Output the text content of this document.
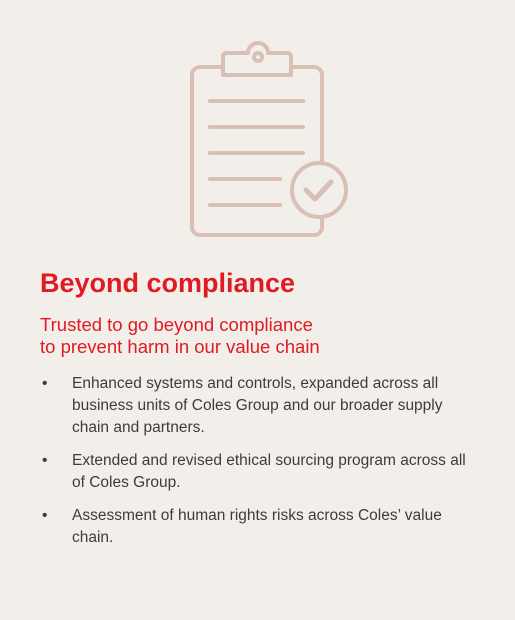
Beyond compliance

Trusted to go beyond compliance
to prevent harm in our value chain

•	Enhanced systems and controls, expanded across all business units of Coles Group and our broader supply chain and partners.
•	Extended and revised ethical sourcing program across all of Coles Group.
•	Assessment of human rights risks across Coles’ value chain.
